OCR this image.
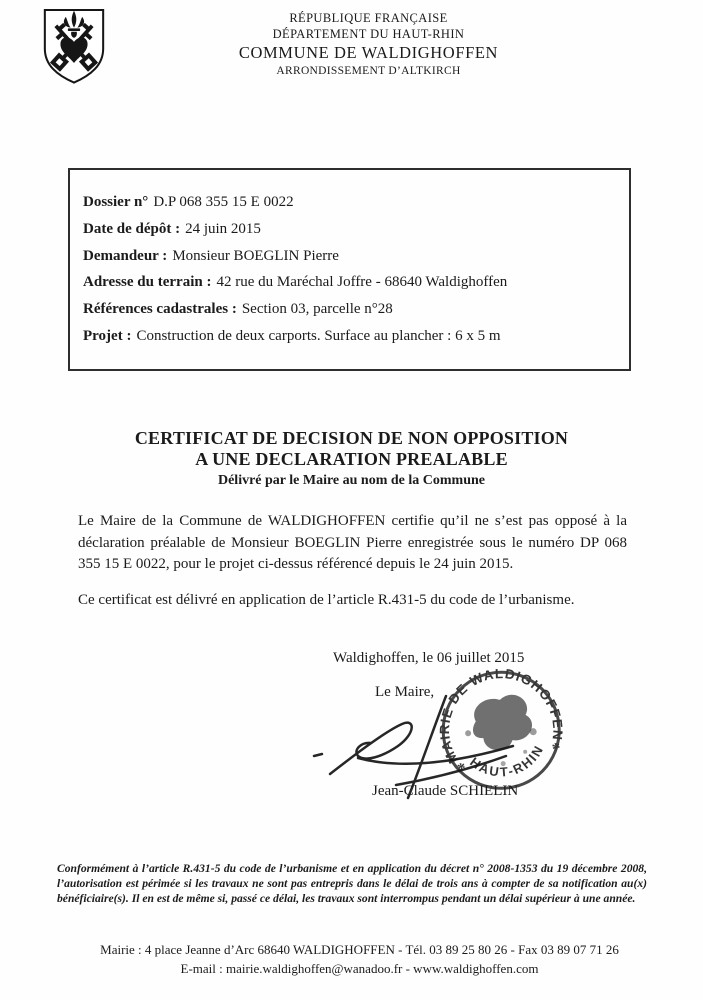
RÉPUBLIQUE FRANÇAISE
DÉPARTEMENT DU HAUT-RHIN
COMMUNE DE WALDIGHOFFEN
ARRONDISSEMENT D’ALTKIRCH
Dossier n° D.P 068 355 15 E 0022
Date de dépôt : 24 juin 2015
Demandeur : Monsieur BOEGLIN Pierre
Adresse du terrain : 42 rue du Maréchal Joffre - 68640 Waldighoffen
Références cadastrales : Section 03, parcelle n°28
Projet : Construction de deux carports. Surface au plancher : 6 x 5 m
CERTIFICAT DE DECISION DE NON OPPOSITION
A UNE DECLARATION PREALABLE
Délivré par le Maire au nom de la Commune

Le Maire de la Commune de WALDIGHOFFEN certifie qu’il ne s’est pas opposé à la déclaration préalable de Monsieur BOEGLIN Pierre enregistrée sous le numéro DP 068 355 15 E 0022, pour le projet ci-dessus référencé depuis le 24 juin 2015.

Ce certificat est délivré en application de l’article R.431-5 du code de l’urbanisme.

Waldighoffen, le 06 juillet 2015
Le Maire,
MAIRIE DE WALDIGHOFFEN
HAUT-RHIN
*
*
Jean-Claude SCHIELIN
Conformément à l’article R.431-5 du code de l’urbanisme et en application du décret n° 2008-1353 du 19 décembre 2008, l’autorisation est périmée si les travaux ne sont pas entrepris dans le délai de trois ans à compter de sa notification au(x) bénéficiaire(s). Il en est de même si, passé ce délai, les travaux sont interrompus pendant un délai supérieur à une année.
Mairie : 4 place Jeanne d’Arc 68640 WALDIGHOFFEN - Tél. 03 89 25 80 26 - Fax 03 89 07 71 26
E-mail : mairie.waldighoffen@wanadoo.fr - www.waldighoffen.com
